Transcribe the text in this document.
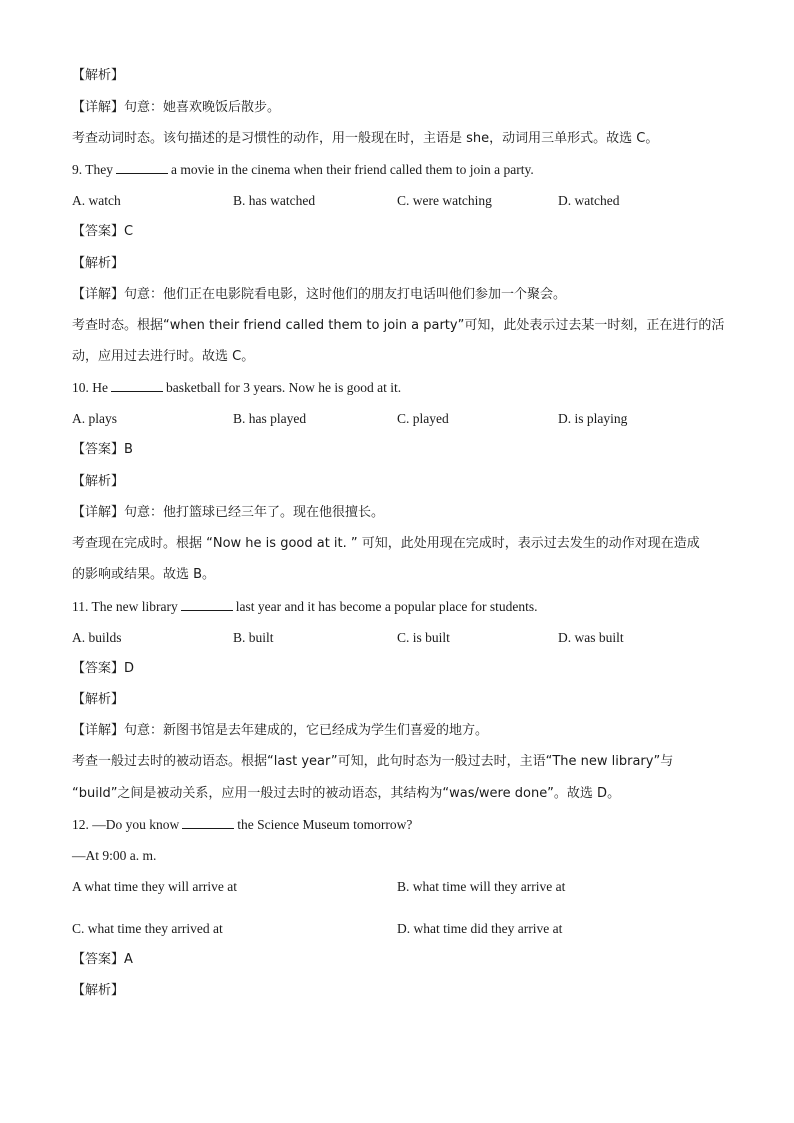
【解析】
【详解】句意：她喜欢晚饭后散步。
考查动词时态。该句描述的是习惯性的动作，用一般现在时，主语是 she，动词用三单形式。故选 C。
9. They	a movie in the cinema when their friend called them to join a party.
A. watch	B. has watched	C. were watching	D. watched
【答案】C
【解析】
【详解】句意：他们正在电影院看电影，这时他们的朋友打电话叫他们参加一个聚会。
考查时态。根据“when their friend called them to join a party”可知，此处表示过去某一时刻，正在进行的活
动，应用过去进行时。故选 C。
10. He	basketball for 3 years. Now he is good at it.
A. plays	B. has played	C. played	D. is playing
【答案】B
【解析】
【详解】句意：他打篮球已经三年了。现在他很擅长。
考查现在完成时。根据 “Now he is good at it. ” 可知，此处用现在完成时，表示过去发生的动作对现在造成
的影响或结果。故选 B。
11. The new library	last year and it has become a popular place for students.
A. builds	B. built	C. is built	D. was built
【答案】D
【解析】
【详解】句意：新图书馆是去年建成的，它已经成为学生们喜爱的地方。
考查一般过去时的被动语态。根据“last year”可知，此句时态为一般过去时，主语“The new library”与
“build”之间是被动关系，应用一般过去时的被动语态，其结构为“was/were done”。故选 D。
12. —Do you know	the Science Museum tomorrow?
—At 9:00 a. m.
A what time they will arrive at	B. what time will they arrive at
C. what time they arrived at	D. what time did they arrive at
【答案】A
【解析】
